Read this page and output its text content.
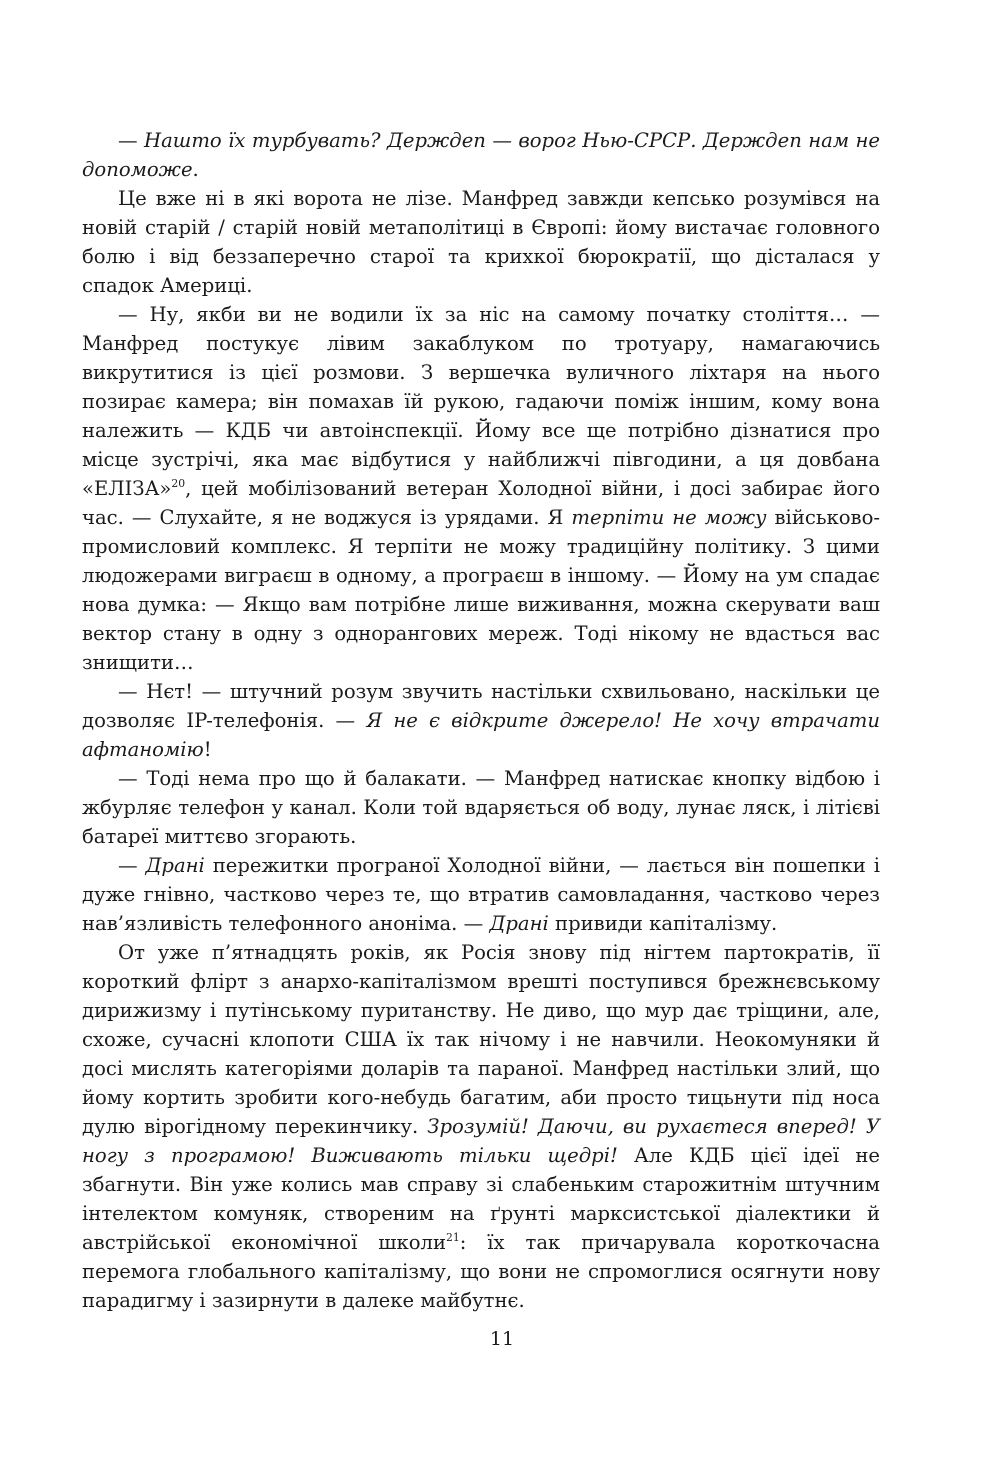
— Нашто їх турбувать? Держдеп — ворог Нью-СРСР. Держдеп нам не допоможе.

Це вже ні в які ворота не лізе. Манфред завжди кепсько розумівся на новій старій / старій новій метаполітиці в Європі: йому вистачає головного болю і від беззаперечно старої та крихкої бюрократії, що дісталася у спадок Америці.

— Ну, якби ви не водили їх за ніс на самому початку століття… — Манфред постукує лівим закаблуком по тротуару, намагаючись викрутитися із цієї розмови. З вершечка вуличного ліхтаря на нього позирає камера; він помахав їй рукою, гадаючи поміж іншим, кому вона належить — КДБ чи автоінспекції. Йому все ще потрібно дізнатися про місце зустрічі, яка має відбутися у найближчі півгодини, а ця довбана «ЕЛІЗА»$^{20}$, цей мобілізований ветеран Холодної війни, і досі забирає його час. — Слухайте, я не воджуся із урядами. Я терпіти не можу військово-промисловий комплекс. Я терпіти не можу традиційну політику. З цими людожерами виграєш в одному, а програєш в іншому. — Йому на ум спадає нова думка: — Якщо вам потрібне лише виживання, можна скерувати ваш вектор стану в одну з однорангових мереж. Тоді нікому не вдасться вас знищити…

— Нєт! — штучний розум звучить настільки схвильовано, наскільки це дозволяє IP-телефонія. — Я не є відкрите джерело! Не хочу втрачати афтаномію!

— Тоді нема про що й балакати. — Манфред натискає кнопку відбою і жбурляє телефон у канал. Коли той вдаряється об воду, лунає ляск, і літієві батареї миттєво згорають.

— Драні пережитки програної Холодної війни, — лається він пошепки і дуже гнівно, частково через те, що втратив самовладання, частково через нав’язливість телефонного анонiма. — Драні привиди капіталізму.

От уже п’ятнадцять років, як Росія знову під нігтем партократів, її короткий флірт з анархо-капіталізмом врешті поступився брежнєвському дирижизму і путінському пуританству. Не диво, що мур дає тріщини, але, схоже, сучасні клопоти США їх так нічому і не навчили. Неокомуняки й досі мислять категоріями доларів та параної. Манфред настільки злий, що йому кортить зробити кого-небудь багатим, аби просто тицьнути під носа дулю вірогідному перекинчику. Зрозумій! Даючи, ви рухаєтеся вперед! У ногу з програмою! Виживають тільки щедрі! Але КДБ цієї ідеї не збагнути. Він уже колись мав справу зі слабеньким старожитнім штучним інтелектом комуняк, створеним на ґрунті марксистської діалектики й австрійської економічної школи$^{21}$: їх так причарувала короткочасна перемога глобального капіталізму, що вони не спромоглися осягнути нову парадигму і зазирнути в далеке майбутнє.

11
